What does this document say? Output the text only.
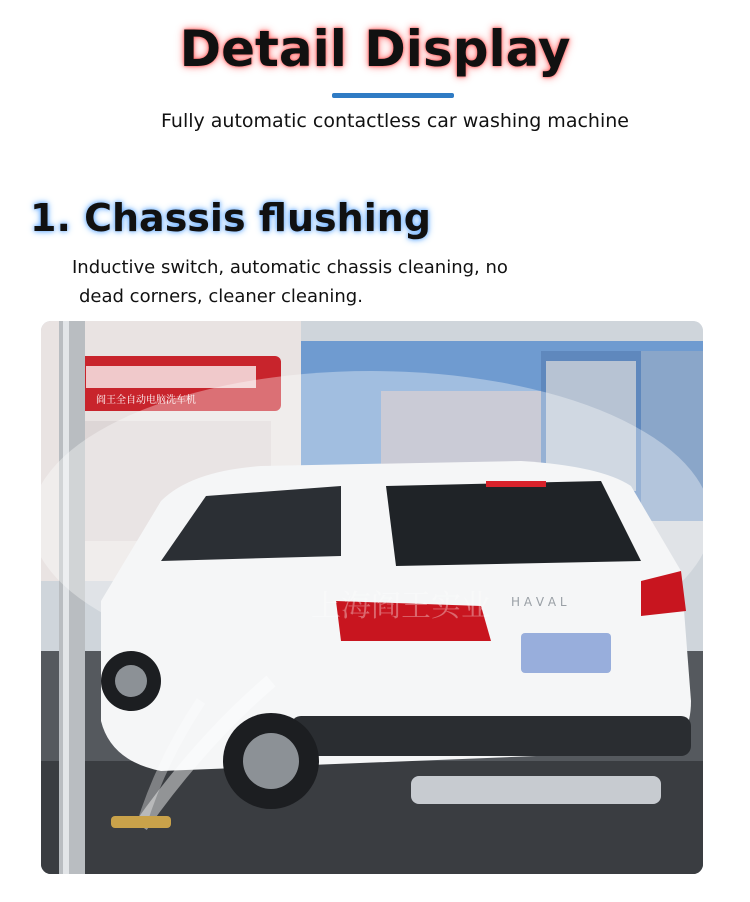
Detail Display
Fully automatic contactless car washing machine
1. Chassis flushing
Inductive switch, automatic chassis cleaning, no
dead corners, cleaner cleaning.
阎王全自动电脑洗车机
H A V A L
上海阎王实业
